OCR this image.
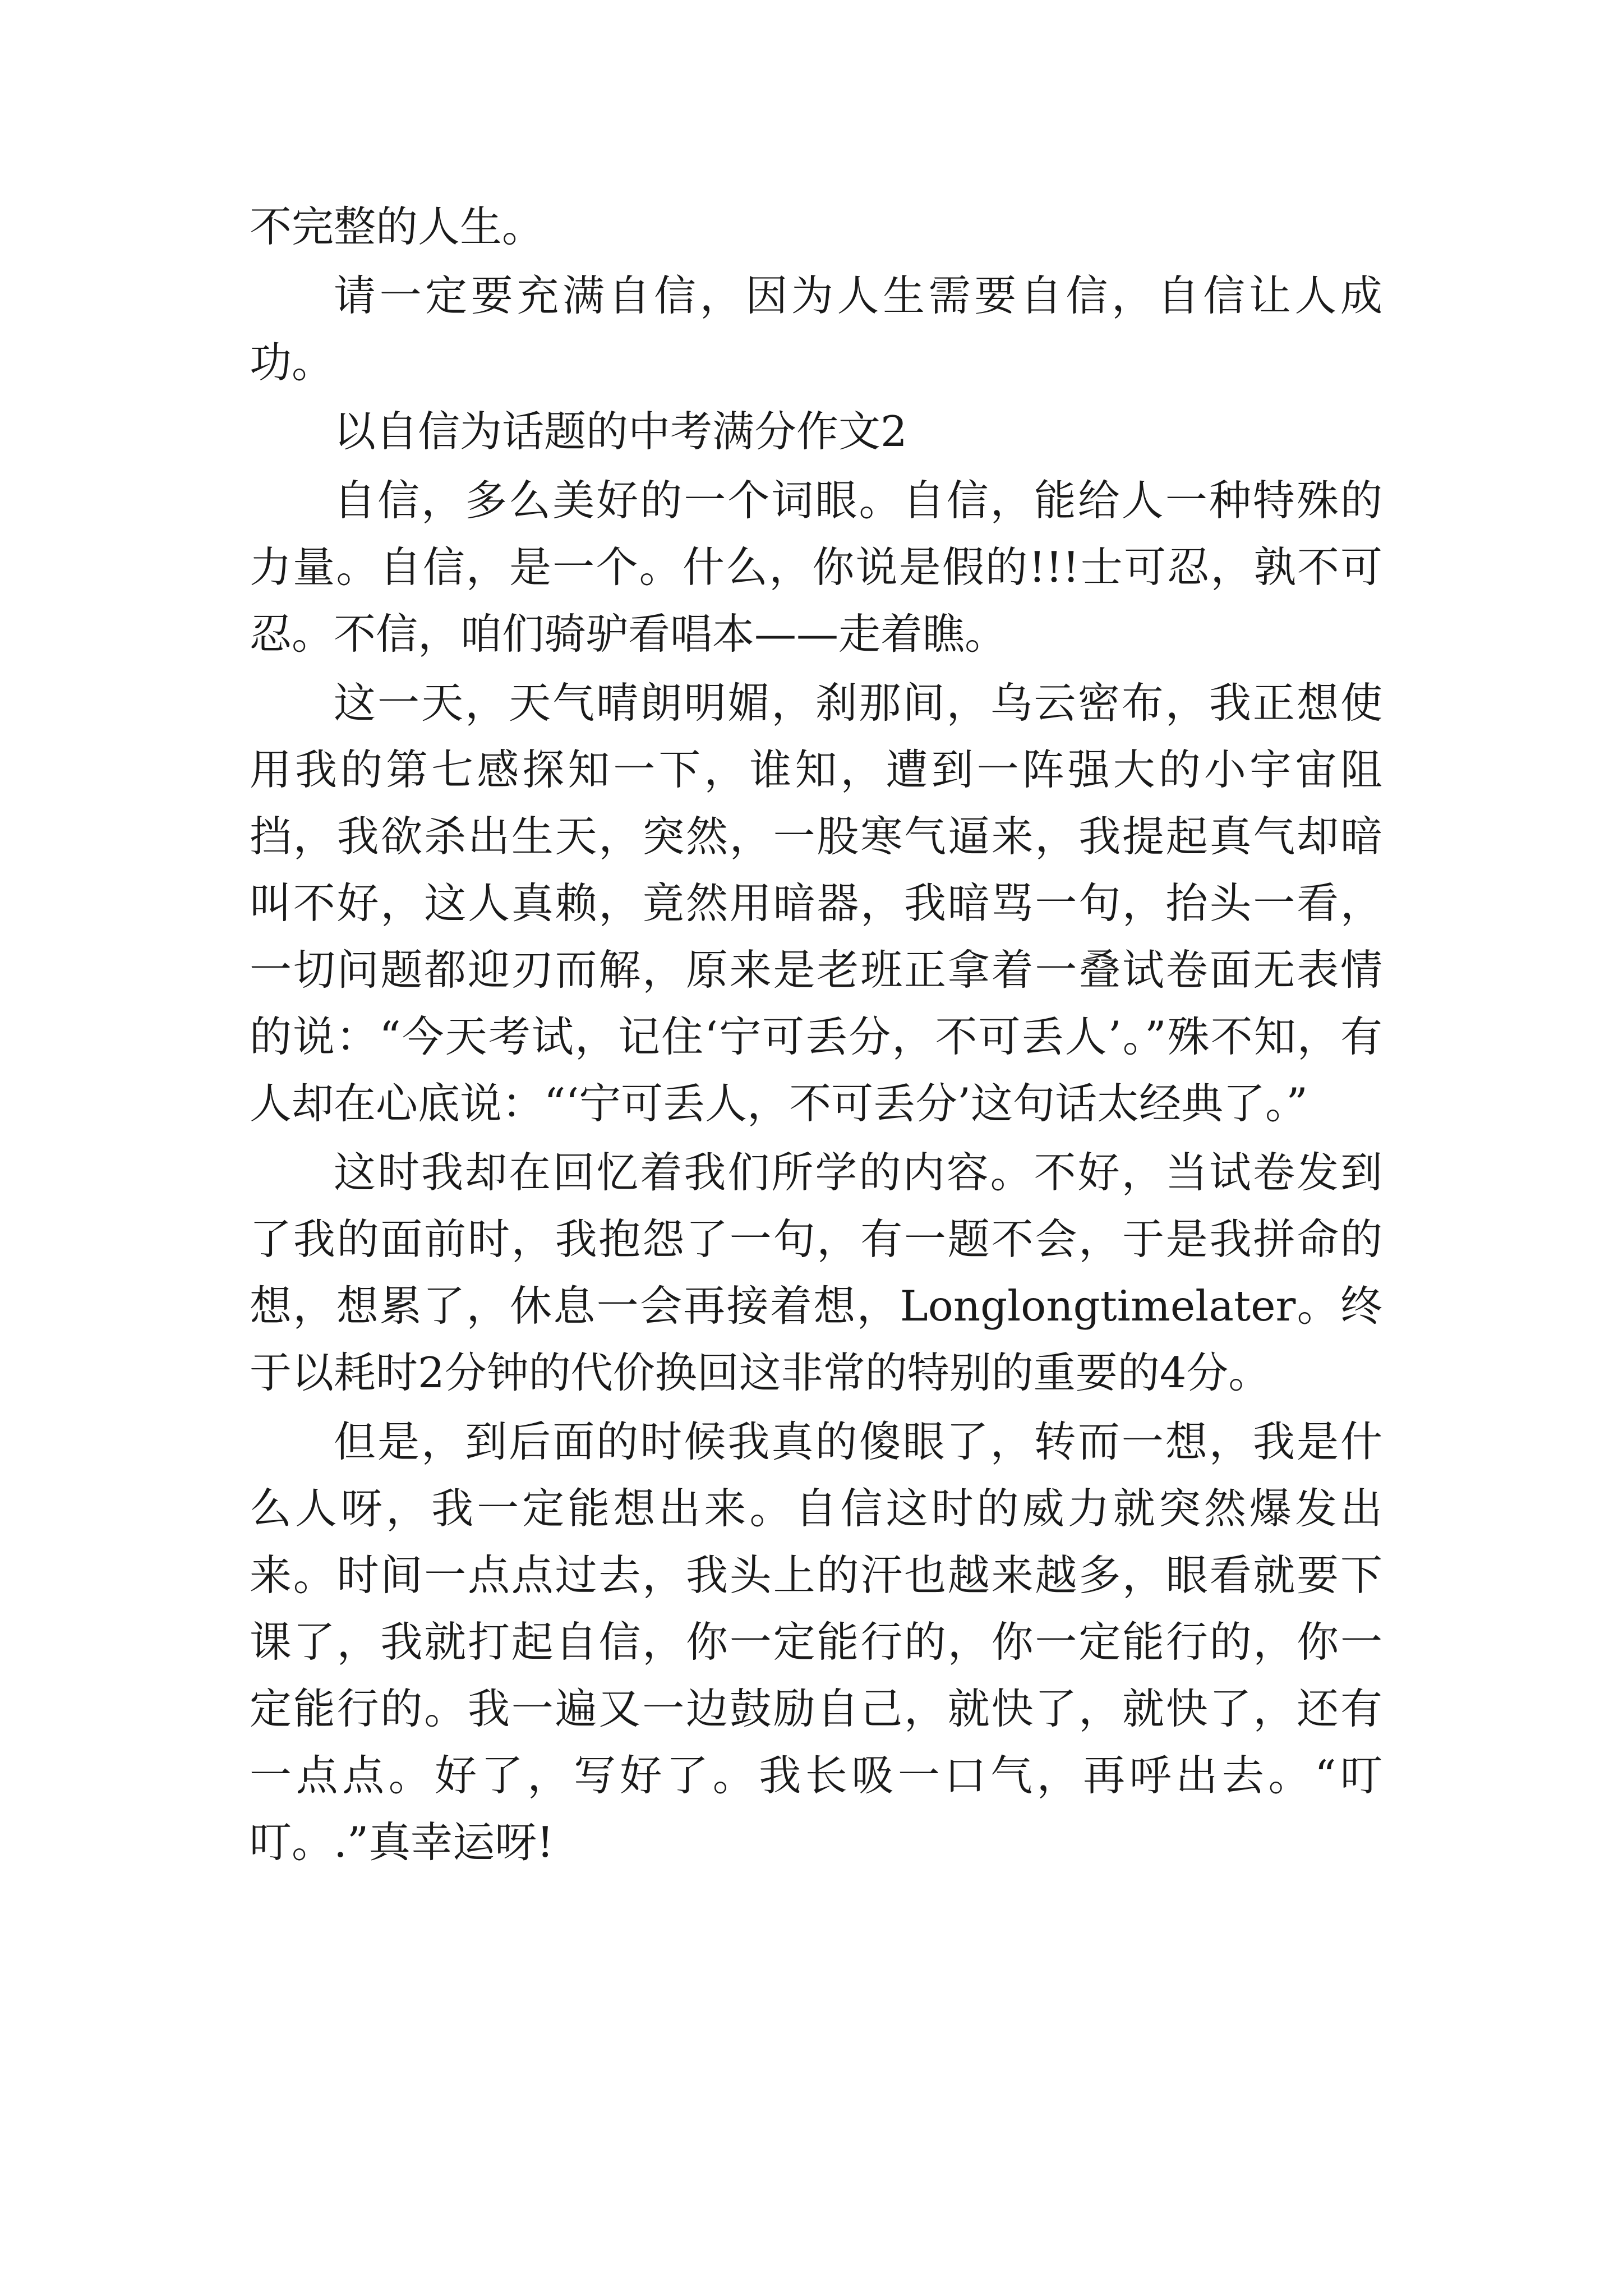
不完整的人生。

请一定要充满自信，因为人生需要自信，自信让人成功。

以自信为话题的中考满分作文2

自信，多么美好的一个词眼。自信，能给人一种特殊的力量。自信，是一个。什么，你说是假的!!!士可忍，孰不可忍。不信，咱们骑驴看唱本——走着瞧。

这一天，天气晴朗明媚，刹那间，乌云密布，我正想使用我的第七感探知一下，谁知，遭到一阵强大的小宇宙阻挡，我欲杀出生天，突然，一股寒气逼来，我提起真气却暗叫不好，这人真赖，竟然用暗器，我暗骂一句，抬头一看，一切问题都迎刃而解，原来是老班正拿着一叠试卷面无表情的说：“今天考试，记住‘宁可丢分，不可丢人’。”殊不知，有人却在心底说：“‘宁可丢人，不可丢分’这句话太经典了。”

这时我却在回忆着我们所学的内容。不好，当试卷发到了我的面前时，我抱怨了一句，有一题不会，于是我拼命的想，想累了，休息一会再接着想，Longlongtimelater。终于以耗时2分钟的代价换回这非常的特别的重要的4分。

但是，到后面的时候我真的傻眼了，转而一想，我是什么人呀，我一定能想出来。自信这时的威力就突然爆发出来。时间一点点过去，我头上的汗也越来越多，眼看就要下课了，我就打起自信，你一定能行的，你一定能行的，你一定能行的。我一遍又一边鼓励自己，就快了，就快了，还有一点点。好了，写好了。我长吸一口气，再呼出去。“叮叮。.”真幸运呀!
